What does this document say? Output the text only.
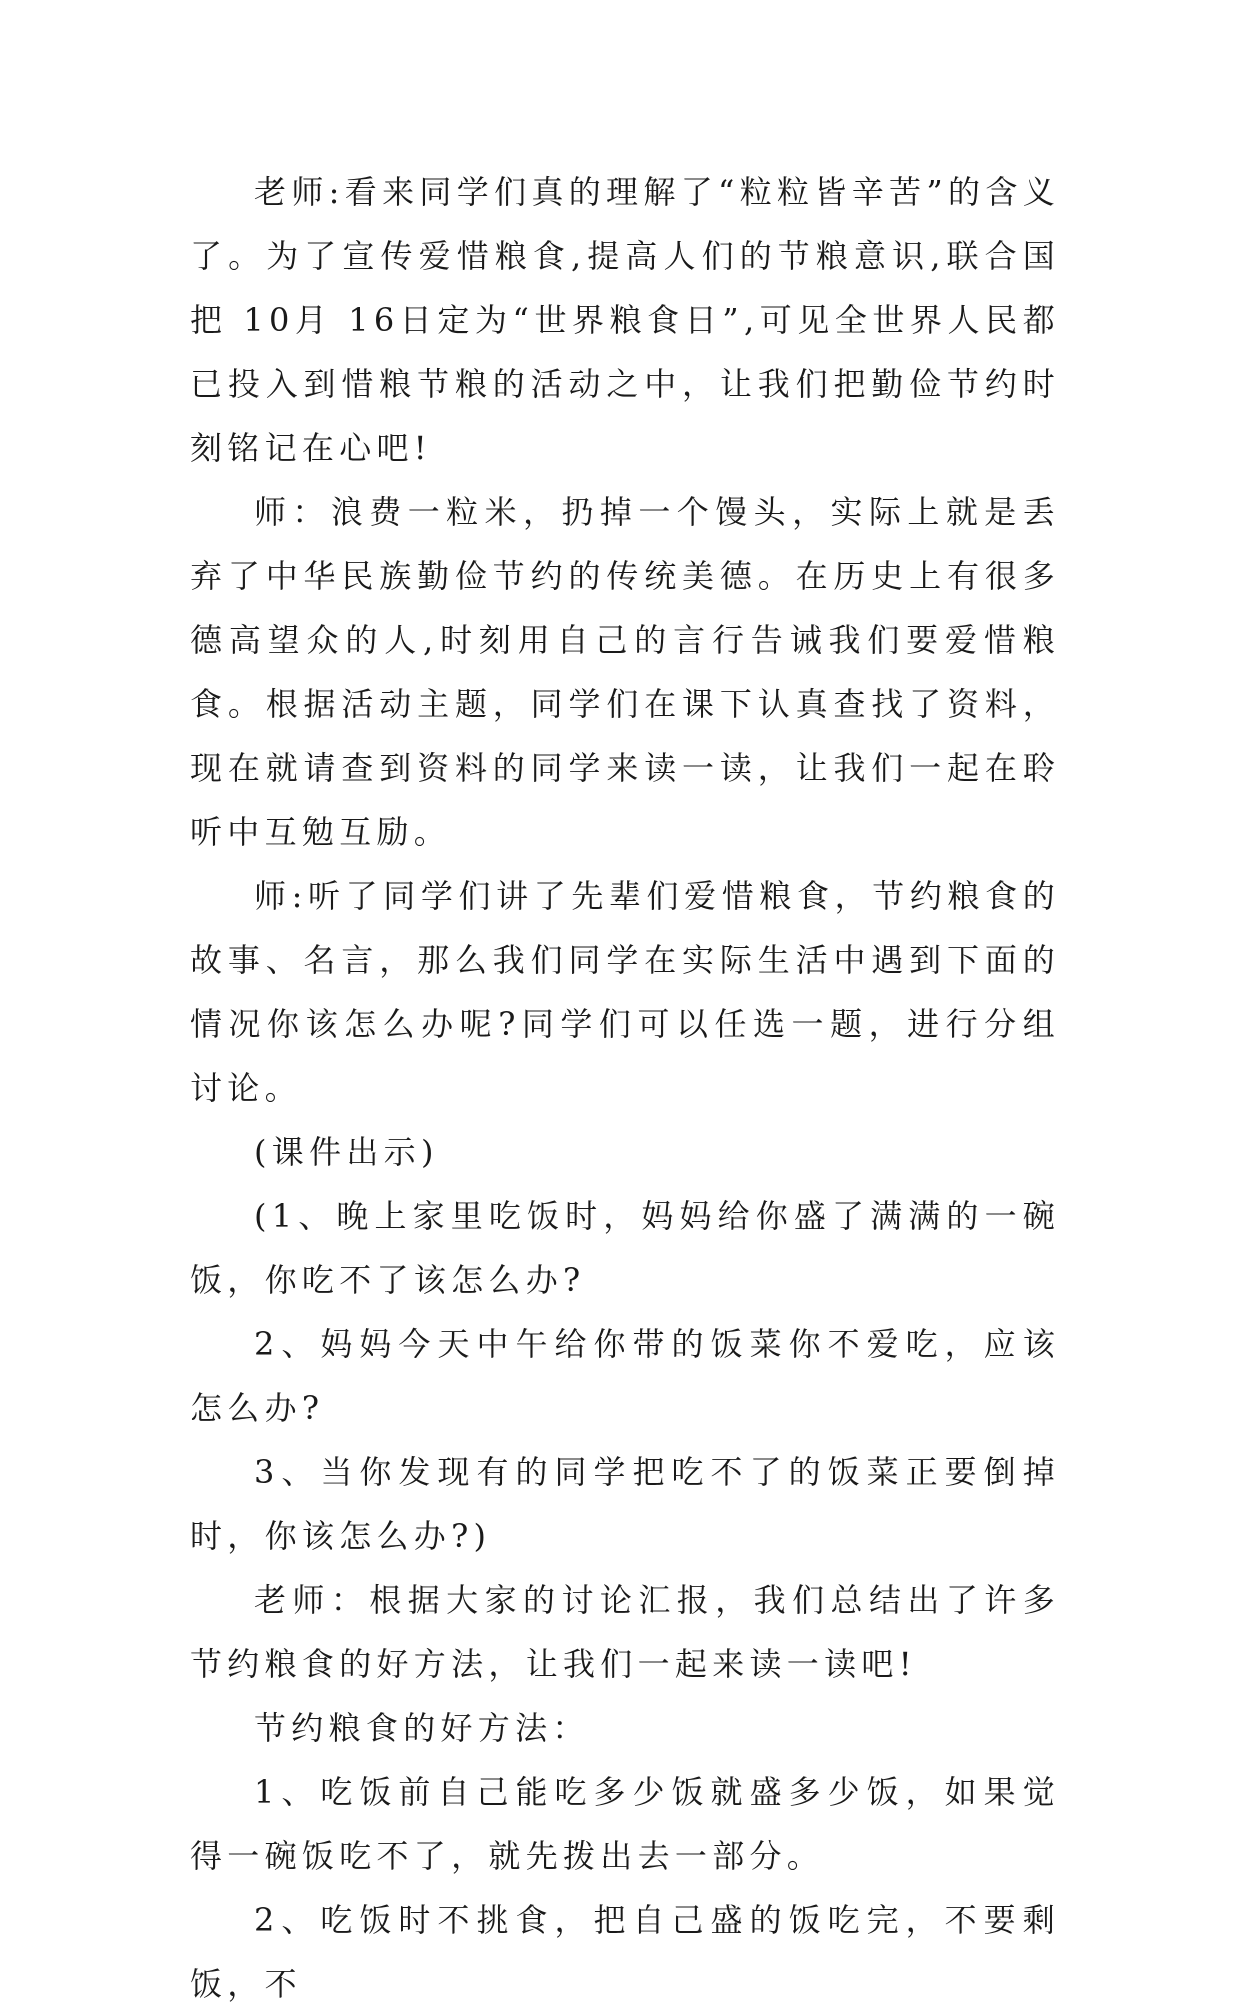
老师:看来同学们真的理解了“粒粒皆辛苦”的含义了。为了宣传爱惜粮食,提高人们的节粮意识,联合国把 10月 16日定为“世界粮食日”,可见全世界人民都已投入到惜粮节粮的活动之中，让我们把勤俭节约时刻铭记在心吧!

师：浪费一粒米，扔掉一个馒头，实际上就是丢弃了中华民族勤俭节约的传统美德。在历史上有很多德高望众的人,时刻用自己的言行告诫我们要爱惜粮食。根据活动主题，同学们在课下认真查找了资料，现在就请查到资料的同学来读一读，让我们一起在聆听中互勉互励。

师:听了同学们讲了先辈们爱惜粮食，节约粮食的故事、名言，那么我们同学在实际生活中遇到下面的情况你该怎么办呢?同学们可以任选一题，进行分组讨论。

(课件出示)

(1、晚上家里吃饭时，妈妈给你盛了满满的一碗饭，你吃不了该怎么办?

2、妈妈今天中午给你带的饭菜你不爱吃，应该怎么办?

3、当你发现有的同学把吃不了的饭菜正要倒掉时，你该怎么办?)

老师：根据大家的讨论汇报，我们总结出了许多节约粮食的好方法，让我们一起来读一读吧!

节约粮食的好方法：

1、吃饭前自己能吃多少饭就盛多少饭，如果觉得一碗饭吃不了，就先拨出去一部分。

2、吃饭时不挑食，把自己盛的饭吃完，不要剩饭，不
